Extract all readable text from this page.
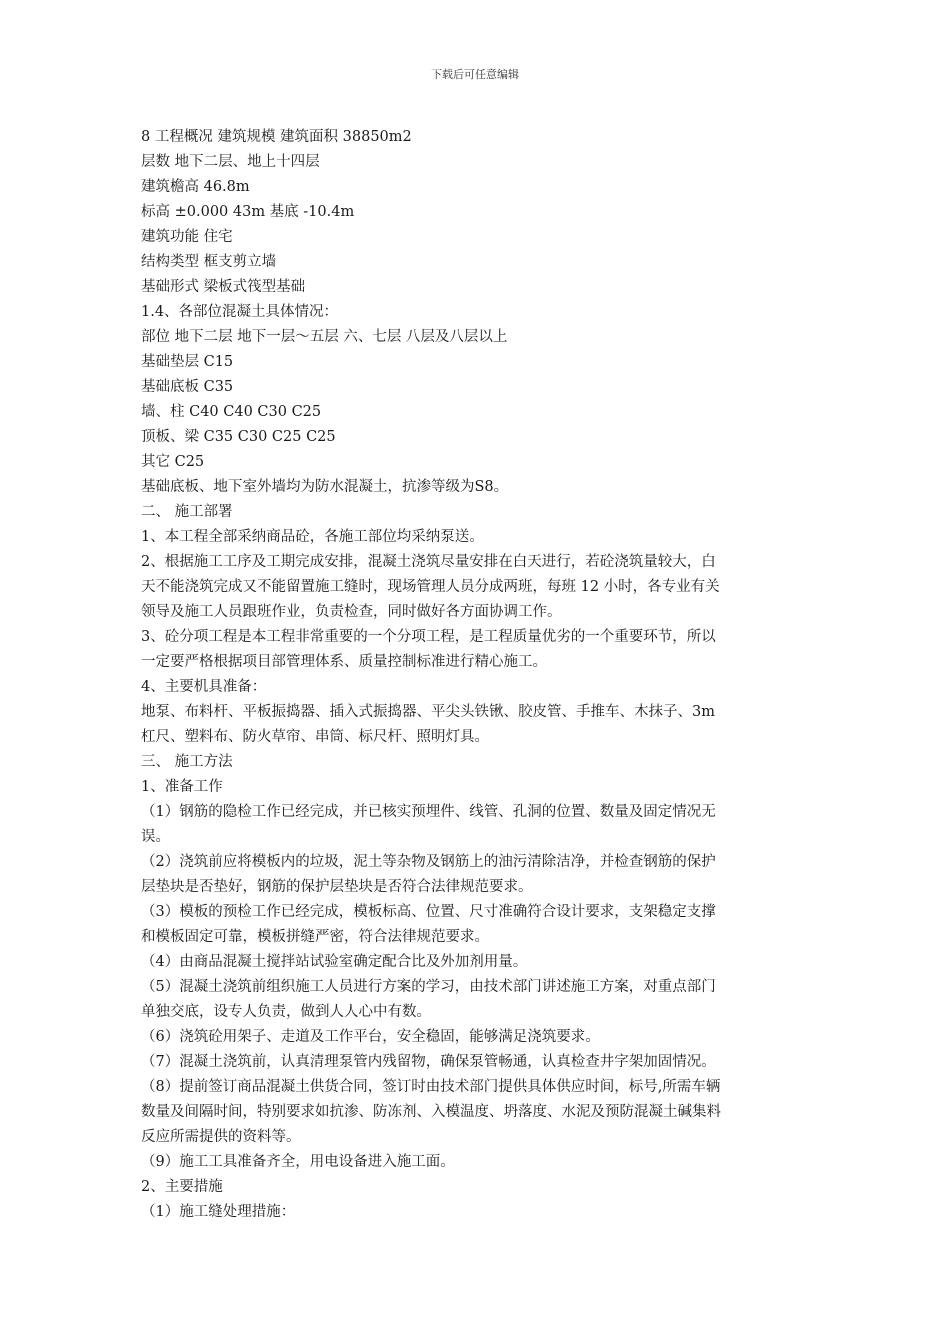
下载后可任意编辑
8 工程概况 建筑规模 建筑面积 38850m2
层数 地下二层、地上十四层
建筑檐高 46.8m
标高 ±0.000 43m 基底 -10.4m
建筑功能 住宅
结构类型 框支剪立墙
基础形式 梁板式筏型基础
1.4、各部位混凝土具体情况：
部位 地下二层 地下一层～五层 六、七层 八层及八层以上
基础垫层 C15
基础底板 C35
墙、柱 C40 C40 C30 C25
顶板、梁 C35 C30 C25 C25
其它 C25
基础底板、地下室外墙均为防水混凝土，抗渗等级为S8。
二、 施工部署
1、本工程全部采纳商品砼，各施工部位均采纳泵送。
2、根据施工工序及工期完成安排，混凝土浇筑尽量安排在白天进行，若砼浇筑量较大，白
天不能浇筑完成又不能留置施工缝时，现场管理人员分成两班，每班 12 小时，各专业有关
领导及施工人员跟班作业，负责检查，同时做好各方面协调工作。
3、砼分项工程是本工程非常重要的一个分项工程，是工程质量优劣的一个重要环节，所以
一定要严格根据项目部管理体系、质量控制标准进行精心施工。
4、主要机具准备：
地泵、布料杆、平板振捣器、插入式振捣器、平尖头铁锹、胶皮管、手推车、木抹子、3m
杠尺、塑料布、防火草帘、串筒、标尺杆、照明灯具。
三、 施工方法
1、准备工作
（1）钢筋的隐检工作已经完成，并已核实预埋件、线管、孔洞的位置、数量及固定情况无
误。
（2）浇筑前应将模板内的垃圾，泥土等杂物及钢筋上的油污清除洁净，并检查钢筋的保护
层垫块是否垫好，钢筋的保护层垫块是否符合法律规范要求。
（3）模板的预检工作已经完成，模板标高、位置、尺寸准确符合设计要求，支架稳定支撑
和模板固定可靠，模板拼缝严密，符合法律规范要求。
（4）由商品混凝土搅拌站试验室确定配合比及外加剂用量。
（5）混凝土浇筑前组织施工人员进行方案的学习，由技术部门讲述施工方案，对重点部门
单独交底，设专人负责，做到人人心中有数。
（6）浇筑砼用架子、走道及工作平台，安全稳固，能够满足浇筑要求。
（7）混凝土浇筑前，认真清理泵管内残留物，确保泵管畅通，认真检查井字架加固情况。
（8）提前签订商品混凝土供货合同，签订时由技术部门提供具体供应时间，标号,所需车辆
数量及间隔时间，特别要求如抗渗、防冻剂、入模温度、坍落度、水泥及预防混凝土碱集料
反应所需提供的资料等。
（9）施工工具准备齐全，用电设备进入施工面。
2、主要措施
（1）施工缝处理措施：
